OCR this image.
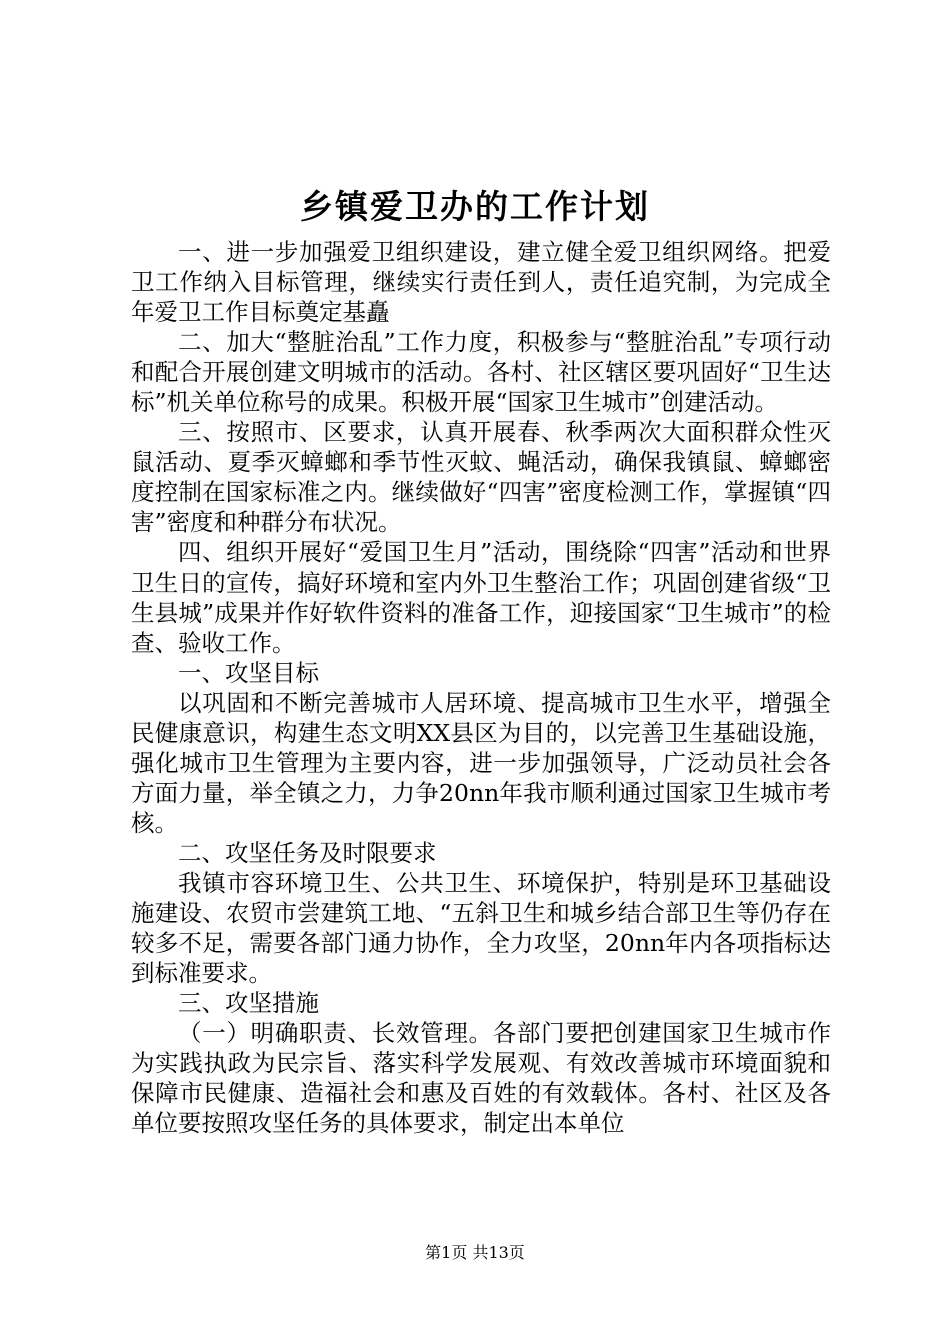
乡镇爱卫办的工作计划

一、进一步加强爱卫组织建设，建立健全爱卫组织网络。把爱卫工作纳入目标管理，继续实行责任到人，责任追究制，为完成全年爱卫工作目标奠定基矗

二、加大“整脏治乱”工作力度，积极参与“整脏治乱”专项行动和配合开展创建文明城市的活动。各村、社区辖区要巩固好“卫生达标”机关单位称号的成果。积极开展“国家卫生城市”创建活动。

三、按照市、区要求，认真开展春、秋季两次大面积群众性灭鼠活动、夏季灭蟑螂和季节性灭蚊、蝇活动，确保我镇鼠、蟑螂密度控制在国家标准之内。继续做好“四害”密度检测工作，掌握镇“四害”密度和种群分布状况。

四、组织开展好“爱国卫生月”活动，围绕除“四害”活动和世界卫生日的宣传，搞好环境和室内外卫生整治工作；巩固创建省级“卫生县城”成果并作好软件资料的准备工作，迎接国家“卫生城市”的检查、验收工作。

一、攻坚目标

以巩固和不断完善城市人居环境、提高城市卫生水平，增强全民健康意识，构建生态文明XX县区为目的，以完善卫生基础设施，强化城市卫生管理为主要内容，进一步加强领导，广泛动员社会各方面力量，举全镇之力，力争20nn年我市顺利通过国家卫生城市考核。

二、攻坚任务及时限要求

我镇市容环境卫生、公共卫生、环境保护，特别是环卫基础设施建设、农贸市尝建筑工地、“五斜卫生和城乡结合部卫生等仍存在较多不足，需要各部门通力协作，全力攻坚，20nn年内各项指标达到标准要求。

三、攻坚措施

（一）明确职责、长效管理。各部门要把创建国家卫生城市作为实践执政为民宗旨、落实科学发展观、有效改善城市环境面貌和保障市民健康、造福社会和惠及百姓的有效载体。各村、社区及各单位要按照攻坚任务的具体要求，制定出本单位

第1页 共13页
